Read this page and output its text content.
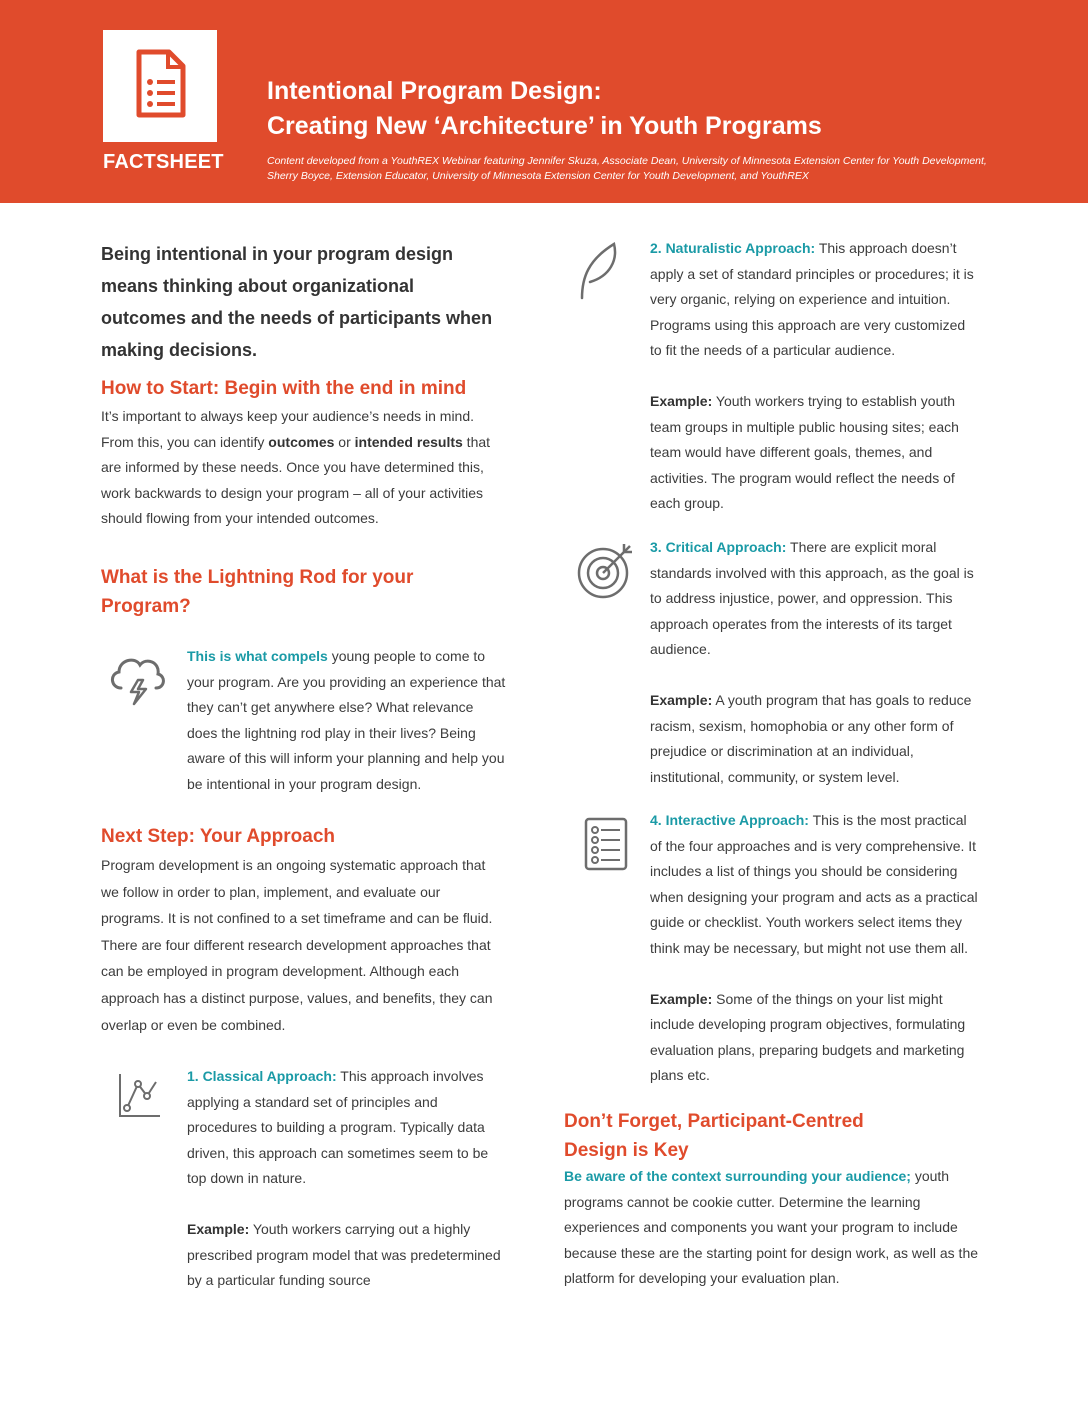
FACTSHEET
Intentional Program Design:
Creating New ‘Architecture’ in Youth Programs
Content developed from a YouthREX Webinar featuring Jennifer Skuza, Associate Dean, University of Minnesota Extension Center for Youth Development, Sherry Boyce, Extension Educator, University of Minnesota Extension Center for Youth Development, and YouthREX
Being intentional in your program design means thinking about organizational outcomes and the needs of participants when making decisions.
How to Start: Begin with the end in mind
It’s important to always keep your audience’s needs in mind. From this, you can identify outcomes or intended results that are informed by these needs. Once you have determined this, work backwards to design your program – all of your activities should flowing from your intended outcomes.
What is the Lightning Rod for your Program?
This is what compels young people to come to your program. Are you providing an experience that they can’t get anywhere else? What relevance does the lightning rod play in their lives? Being aware of this will inform your planning and help you be intentional in your program design.
Next Step: Your Approach
Program development is an ongoing systematic approach that we follow in order to plan, implement, and evaluate our programs. It is not confined to a set timeframe and can be fluid. There are four different research development approaches that can be employed in program development. Although each approach has a distinct purpose, values, and benefits, they can overlap or even be combined.

1. Classical Approach: This approach involves applying a standard set of principles and procedures to building a program. Typically data driven, this approach can sometimes seem to be top down in nature.

Example: Youth workers carrying out a highly prescribed program model that was predetermined by a particular funding source

2. Naturalistic Approach: This approach doesn’t apply a set of standard principles or procedures; it is very organic, relying on experience and intuition. Programs using this approach are very customized to fit the needs of a particular audience.

Example: Youth workers trying to establish youth team groups in multiple public housing sites; each team would have different goals, themes, and activities. The program would reflect the needs of each group.

3. Critical Approach: There are explicit moral standards involved with this approach, as the goal is to address injustice, power, and oppression. This approach operates from the interests of its target audience.

Example: A youth program that has goals to reduce racism, sexism, homophobia or any other form of prejudice or discrimination at an individual, institutional, community, or system level.

4. Interactive Approach: This is the most practical of the four approaches and is very comprehensive. It includes a list of things you should be considering when designing your program and acts as a practical guide or checklist. Youth workers select items they think may be necessary, but might not use them all.

Example: Some of the things on your list might include developing program objectives, formulating evaluation plans, preparing budgets and marketing plans etc.

Don’t Forget, Participant-Centred Design is Key
Be aware of the context surrounding your audience; youth programs cannot be cookie cutter. Determine the learning experiences and components you want your program to include because these are the starting point for design work, as well as the platform for developing your evaluation plan.
